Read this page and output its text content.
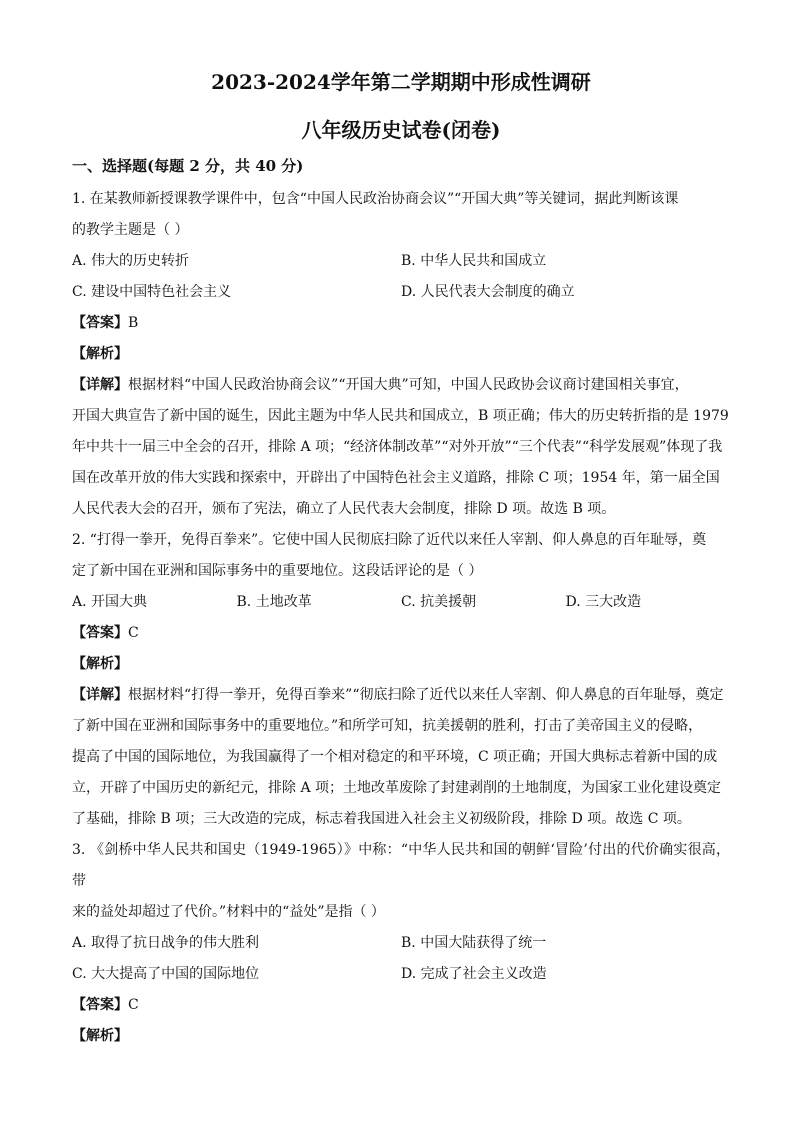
2023-2024学年第二学期期中形成性调研
八年级历史试卷(闭卷)
一、选择题(每题 2 分，共 40 分)

1. 在某教师新授课教学课件中，包含“中国人民政治协商会议”“开国大典”等关键词，据此判断该课

的教学主题是（ ）

A. 伟大的历史转折	B. 中华人民共和国成立
C. 建设中国特色社会主义	D. 人民代表大会制度的确立

【答案】B

【解析】

【详解】根据材料“中国人民政治协商会议”“开国大典”可知，中国人民政协会议商讨建国相关事宜，

开国大典宣告了新中国的诞生，因此主题为中华人民共和国成立，B 项正确；伟大的历史转折指的是 1979

年中共十一届三中全会的召开，排除 A 项；“经济体制改革”“对外开放”“三个代表”“科学发展观”体现了我

国在改革开放的伟大实践和探索中，开辟出了中国特色社会主义道路，排除 C 项；1954 年，第一届全国

人民代表大会的召开，颁布了宪法，确立了人民代表大会制度，排除 D 项。故选 B 项。

2. “打得一拳开，免得百拳来”。它使中国人民彻底扫除了近代以来任人宰割、仰人鼻息的百年耻辱，奠

定了新中国在亚洲和国际事务中的重要地位。这段话评论的是（ ）

A. 开国大典	B. 土地改革	C. 抗美援朝	D. 三大改造

【答案】C

【解析】

【详解】根据材料“打得一拳开，免得百拳来”“彻底扫除了近代以来任人宰割、仰人鼻息的百年耻辱，奠定

了新中国在亚洲和国际事务中的重要地位。”和所学可知，抗美援朝的胜利，打击了美帝国主义的侵略，

提高了中国的国际地位，为我国赢得了一个相对稳定的和平环境，C 项正确；开国大典标志着新中国的成

立，开辟了中国历史的新纪元，排除 A 项；土地改革废除了封建剥削的土地制度，为国家工业化建设奠定

了基础，排除 B 项；三大改造的完成，标志着我国进入社会主义初级阶段，排除 D 项。故选 C 项。

3. 《剑桥中华人民共和国史（1949-1965）》中称：“中华人民共和国的朝鲜‘冒险’付出的代价确实很高，带

来的益处却超过了代价。”材料中的“益处”是指（ ）

A. 取得了抗日战争的伟大胜利	B. 中国大陆获得了统一
C. 大大提高了中国的国际地位	D. 完成了社会主义改造

【答案】C

【解析】
